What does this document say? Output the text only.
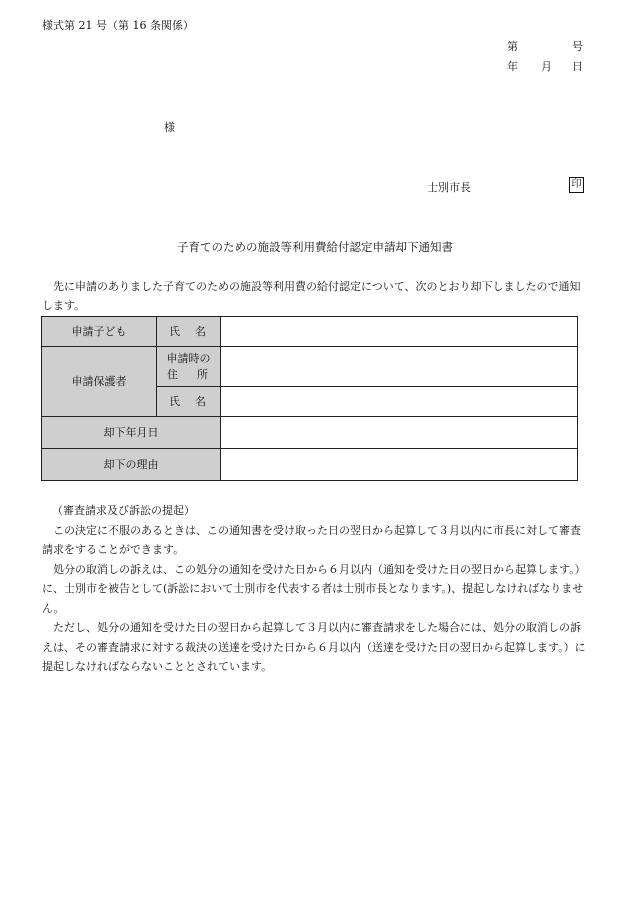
様式第 21 号（第 16 条関係）
第	号
年 月 日
様
士別市長	印
子育てのための施設等利用費給付認定申請却下通知書
先に申請のありました子育てのための施設等利用費の給付認定について、次のとおり却下しましたので通知します。
申請子ども	氏 名	

申請保護者	申請時の
住 所	

	氏 名	

却下年月日		
却下の理由		

（審査請求及び訴訟の提起）

この決定に不服のあるときは、この通知書を受け取った日の翌日から起算して３月以内に市長に対して審査請求をすることができます。

処分の取消しの訴えは、この処分の通知を受けた日から６月以内（通知を受けた日の翌日から起算します。）に、士別市を被告として(訴訟において士別市を代表する者は士別市長となります。)、提起しなければなりません。

ただし、処分の通知を受けた日の翌日から起算して３月以内に審査請求をした場合には、処分の取消しの訴えは、その審査請求に対する裁決の送達を受けた日から６月以内（送達を受けた日の翌日から起算します。）に提起しなければならないこととされています。
